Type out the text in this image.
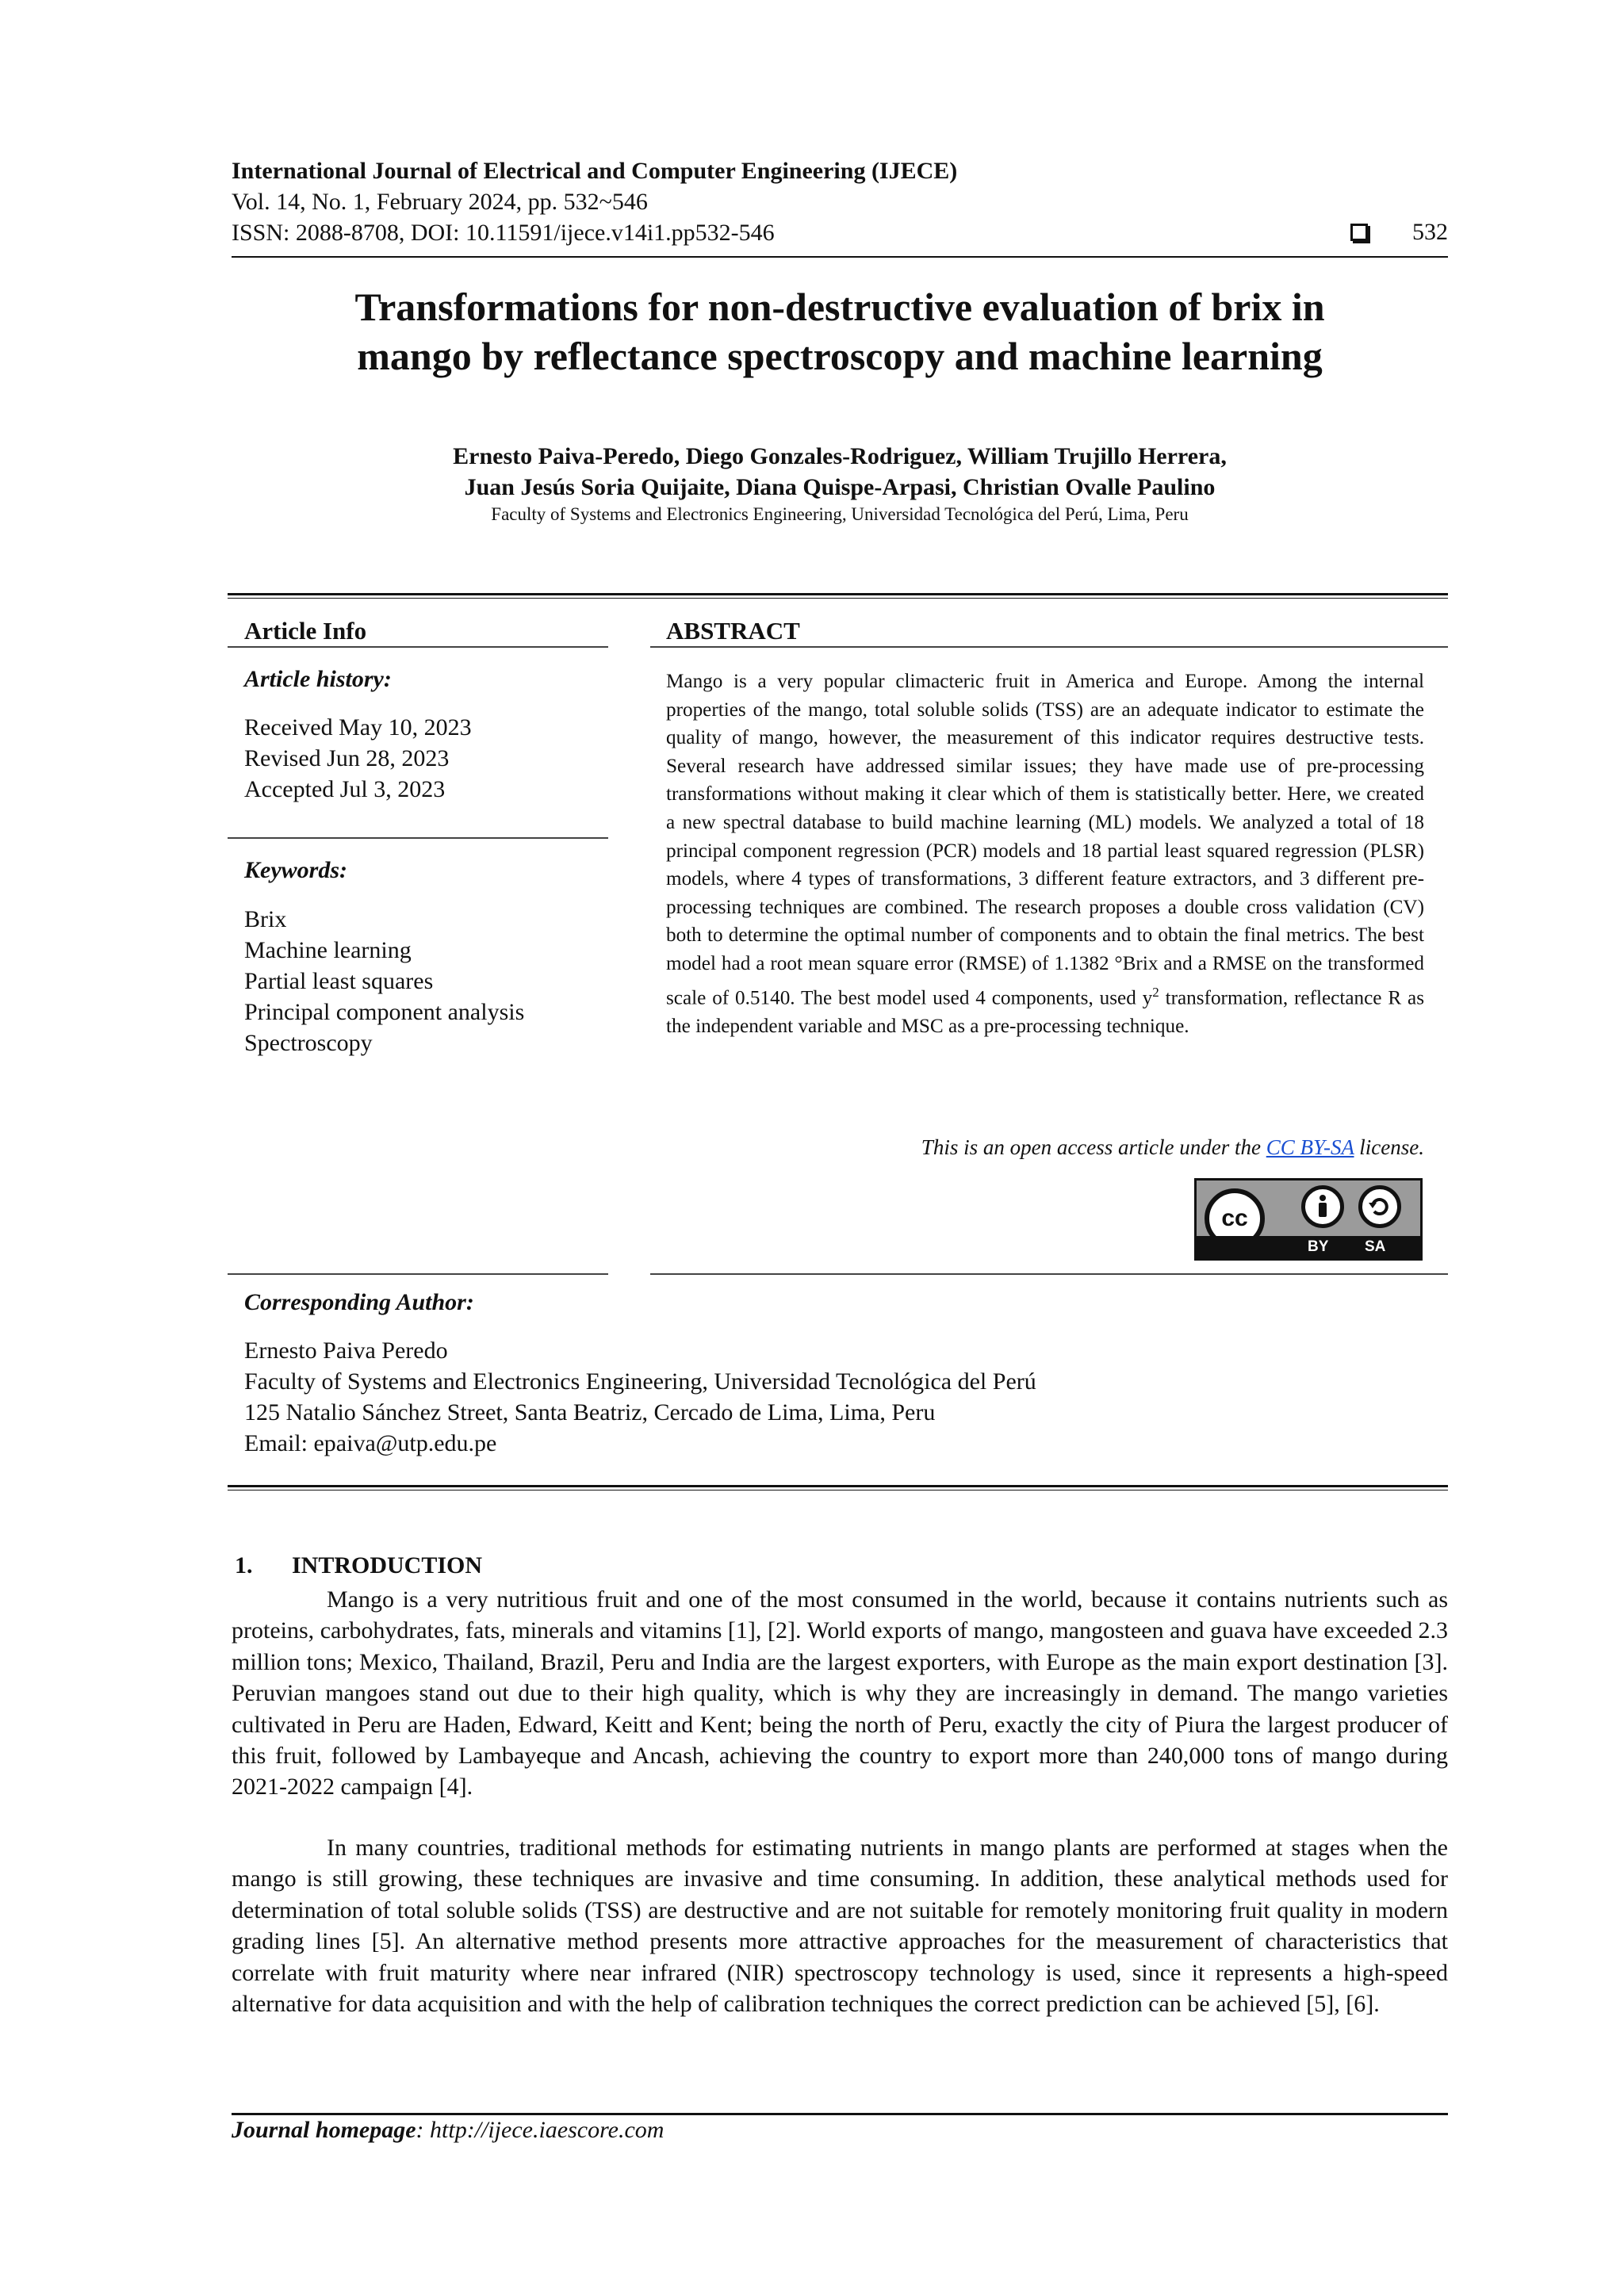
International Journal of Electrical and Computer Engineering (IJECE)
Vol. 14, No. 1, February 2024, pp. 532~546
ISSN: 2088-8708, DOI: 10.11591/ijece.v14i1.pp532-546	532
Transformations for non-destructive evaluation of brix in
mango by reflectance spectroscopy and machine learning
Ernesto Paiva-Peredo, Diego Gonzales-Rodriguez, William Trujillo Herrera,
Juan Jesús Soria Quijaite, Diana Quispe-Arpasi, Christian Ovalle Paulino
Faculty of Systems and Electronics Engineering, Universidad Tecnológica del Perú, Lima, Peru
Article Info	ABSTRACT
Article history:
Received May 10, 2023
Revised Jun 28, 2023
Accepted Jul 3, 2023
Keywords:
Brix
Machine learning
Partial least squares
Principal component analysis
Spectroscopy
Mango is a very popular climacteric fruit in America and Europe. Among the internal properties of the mango, total soluble solids (TSS) are an adequate indicator to estimate the quality of mango, however, the measurement of this indicator requires destructive tests. Several research have addressed similar issues; they have made use of pre-processing transformations without making it clear which of them is statistically better. Here, we created a new spectral database to build machine learning (ML) models. We analyzed a total of 18 principal component regression (PCR) models and 18 partial least squared regression (PLSR) models, where 4 types of transformations, 3 different feature extractors, and 3 different pre-processing techniques are combined. The research proposes a double cross validation (CV) both to determine the optimal number of components and to obtain the final metrics. The best model had a root mean square error (RMSE) of 1.1382 °Brix and a RMSE on the transformed scale of 0.5140. The best model used 4 components, used $y^2$ transformation, reflectance R as the independent variable and MSC as a pre-processing technique.
This is an open access article under the CC BY-SA license.
cc
BY SA
Corresponding Author:
Ernesto Paiva Peredo
Faculty of Systems and Electronics Engineering, Universidad Tecnológica del Perú
125 Natalio Sánchez Street, Santa Beatriz, Cercado de Lima, Lima, Peru
Email: epaiva@utp.edu.pe
1. INTRODUCTION
Mango is a very nutritious fruit and one of the most consumed in the world, because it contains nutrients such as proteins, carbohydrates, fats, minerals and vitamins [1], [2]. World exports of mango, mangosteen and guava have exceeded 2.3 million tons; Mexico, Thailand, Brazil, Peru and India are the largest exporters, with Europe as the main export destination [3]. Peruvian mangoes stand out due to their high quality, which is why they are increasingly in demand. The mango varieties cultivated in Peru are Haden, Edward, Keitt and Kent; being the north of Peru, exactly the city of Piura the largest producer of this fruit, followed by Lambayeque and Ancash, achieving the country to export more than 240,000 tons of mango during 2021-2022 campaign [4].
In many countries, traditional methods for estimating nutrients in mango plants are performed at stages when the mango is still growing, these techniques are invasive and time consuming. In addition, these analytical methods used for determination of total soluble solids (TSS) are destructive and are not suitable for remotely monitoring fruit quality in modern grading lines [5]. An alternative method presents more attractive approaches for the measurement of characteristics that correlate with fruit maturity where near infrared (NIR) spectroscopy technology is used, since it represents a high-speed alternative for data acquisition and with the help of calibration techniques the correct prediction can be achieved [5], [6].
Journal homepage: http://ijece.iaescore.com
